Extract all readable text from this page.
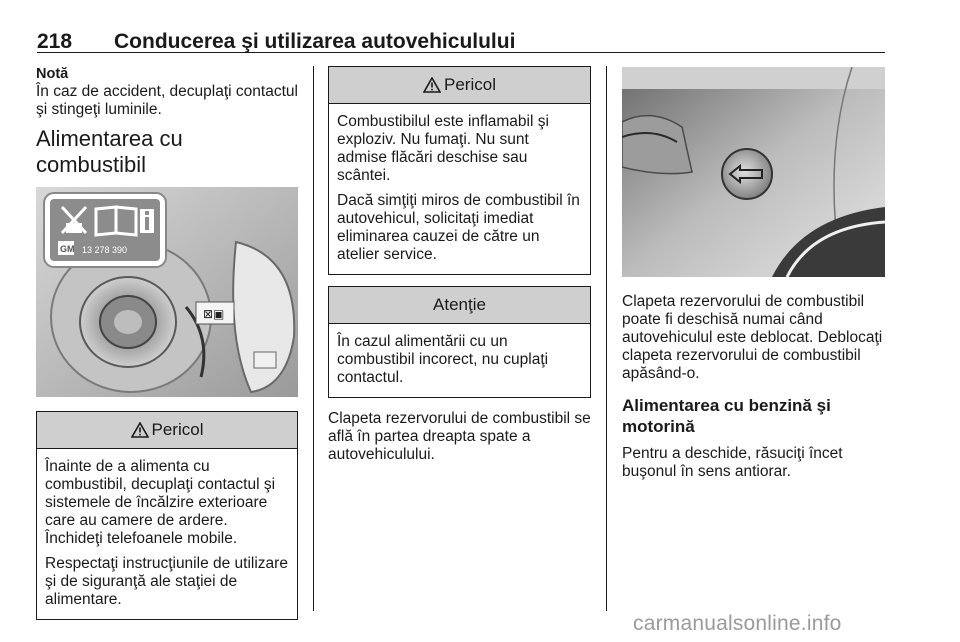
218 Conducerea şi utilizarea autovehiculului
Notă
În caz de accident, decuplaţi contactul şi stingeţi luminile.
Alimentarea cu combustibil
⊠▣
GM 13 278 390
Pericol

Înainte de a alimenta cu combustibil, decuplaţi contactul şi sistemele de încălzire exterioare care au camere de ardere. Închideţi telefoanele mobile.

Respectaţi instrucţiunile de utilizare şi de siguranţă ale staţiei de alimentare.

Pericol

Combustibilul este inflamabil şi exploziv. Nu fumaţi. Nu sunt admise flăcări deschise sau scântei.

Dacă simţiţi miros de combustibil în autovehicul, solicitaţi imediat eliminarea cauzei de către un atelier service.

Atenţie

În cazul alimentării cu un combustibil incorect, nu cuplaţi contactul.

Clapeta rezervorului de combustibil se află în partea dreapta spate a autovehiculului.

Clapeta rezervorului de combustibil poate fi deschisă numai când autovehiculul este deblocat. Deblocaţi clapeta rezervorului de combustibil apăsând-o.

Alimentarea cu benzină şi motorină

Pentru a deschide, răsuciţi încet buşonul în sens antiorar.

carmanualsonline.info
